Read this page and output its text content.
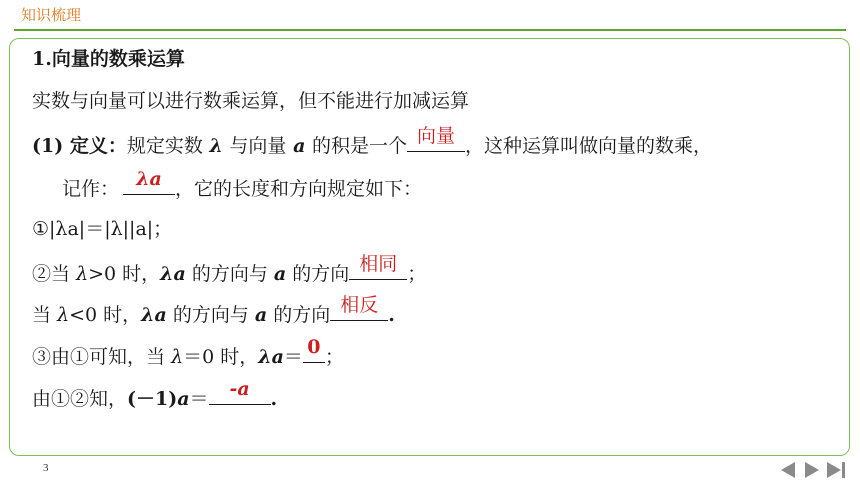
知识梳理
1.向量的数乘运算
实数与向量可以进行数乘运算，但不能进行加减运算
(1) 定义：规定实数 λ 与向量 a 的积是一个 向量 ，这种运算叫做向量的数乘，
记作： λa ，它的长度和方向规定如下：
①|λa|＝|λ||a|；
②当 λ>0 时，λa 的方向与 a 的方向 相同 ；
当 λ<0 时，λa 的方向与 a 的方向 相反 .
③由①可知，当 λ＝0 时，λa＝ 0 ；
由①②知，(－1)a＝	-a	.
3
